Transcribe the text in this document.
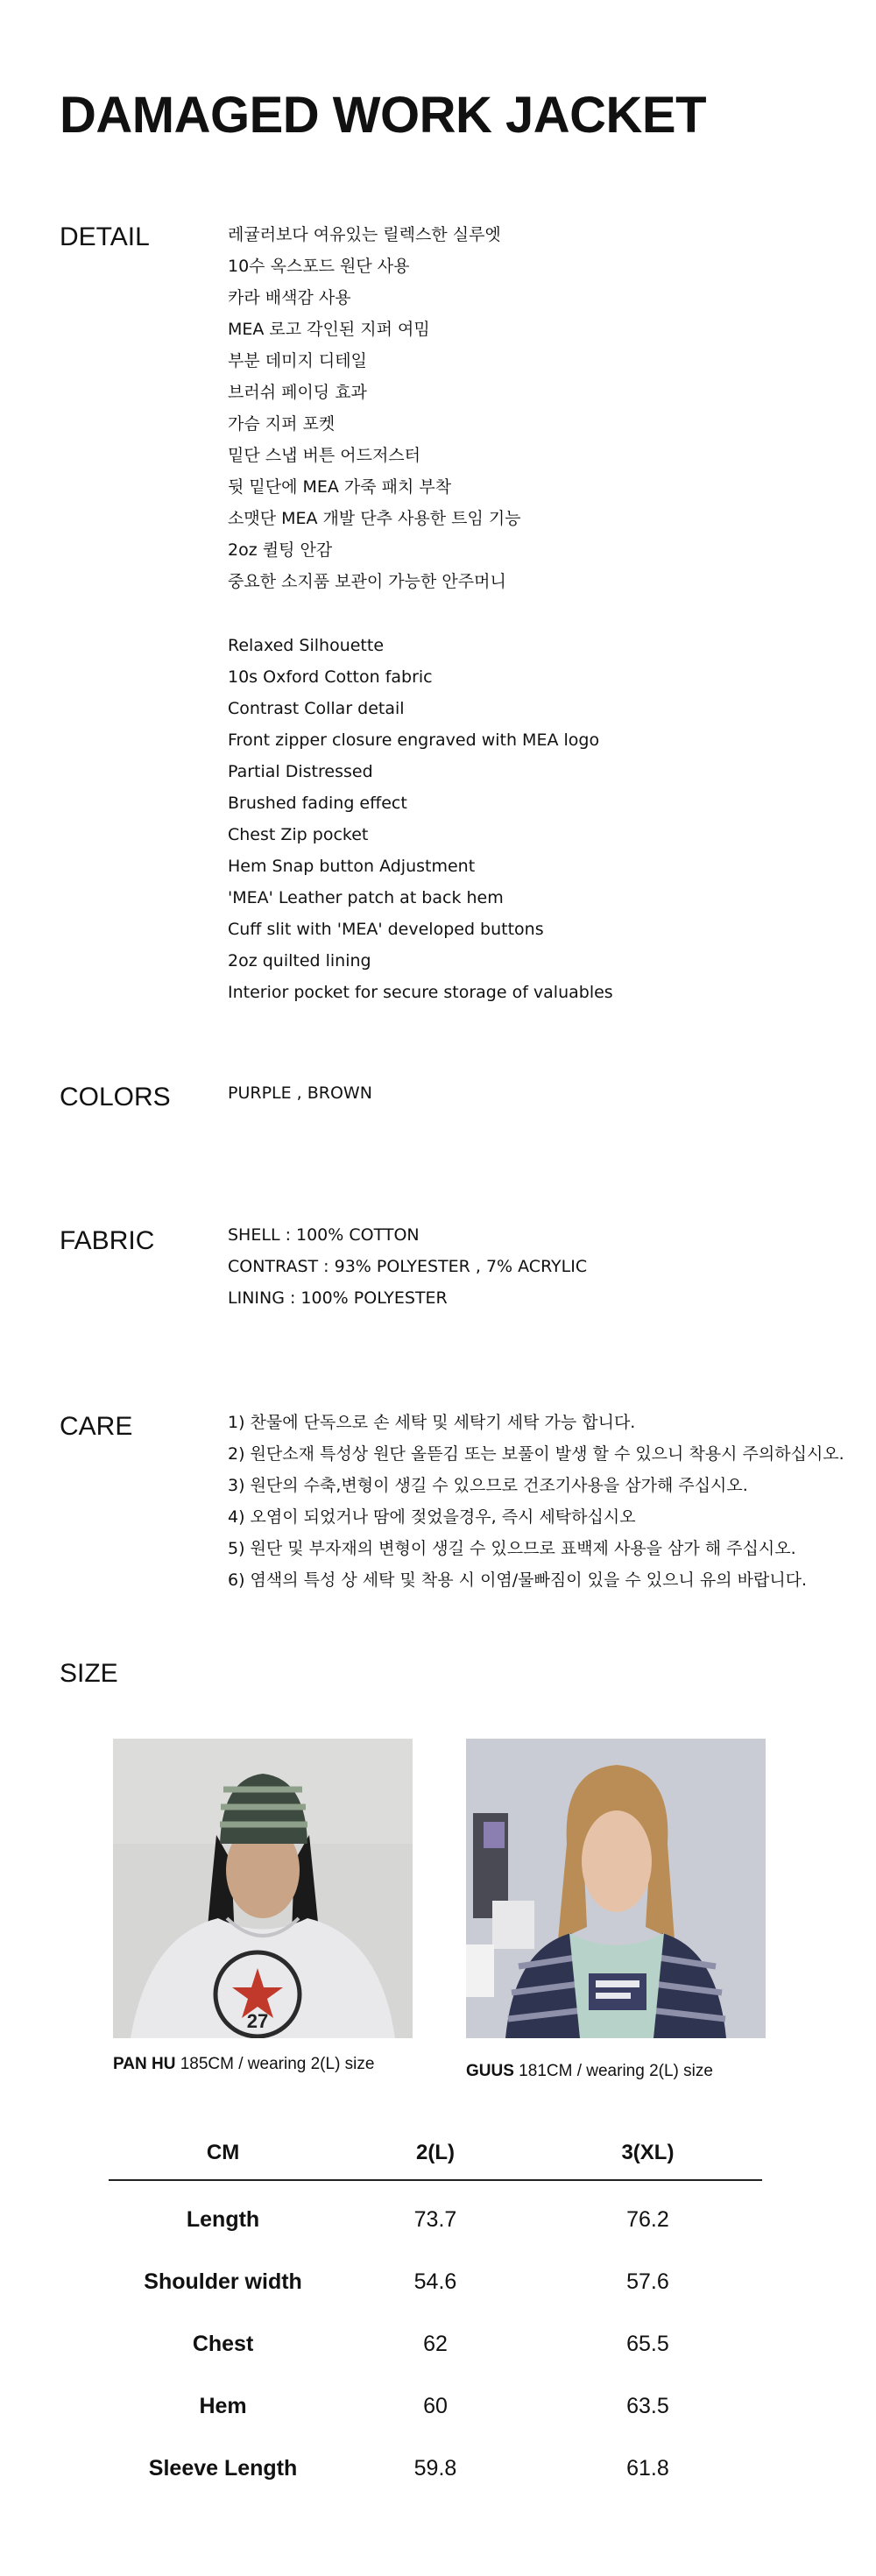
DAMAGED WORK JACKET
DETAIL	레귤러보다 여유있는 릴렉스한 실루엣
10수 옥스포드 원단 사용
카라 배색감 사용
MEA 로고 각인된 지퍼 여밈
부분 데미지 디테일
브러쉬 페이딩 효과
가슴 지퍼 포켓
밑단 스냅 버튼 어드저스터
뒷 밑단에 MEA 가죽 패치 부착
소맷단 MEA 개발 단추 사용한 트임 기능
2oz 퀼팅 안감
중요한 소지품 보관이 가능한 안주머니
Relaxed Silhouette
10s Oxford Cotton fabric
Contrast Collar detail
Front zipper closure engraved with MEA logo
Partial Distressed
Brushed fading effect
Chest Zip pocket
Hem Snap button Adjustment
'MEA' Leather patch at back hem
Cuff slit with 'MEA' developed buttons
2oz quilted lining
Interior pocket for secure storage of valuables
COLORS	PURPLE , BROWN
FABRIC	SHELL : 100% COTTON
CONTRAST : 93% POLYESTER , 7% ACRYLIC
LINING : 100% POLYESTER
CARE	1) 찬물에 단독으로 손 세탁 및 세탁기 세탁 가능 합니다.
2) 원단소재 특성상 원단 올뜯김 또는 보풀이 발생 할 수 있으니 착용시 주의하십시오.
3) 원단의 수축,변형이 생길 수 있으므로 건조기사용을 삼가해 주십시오.
4) 오염이 되었거나 땀에 젖었을경우, 즉시 세탁하십시오
5) 원단 및 부자재의 변형이 생길 수 있으므로 표백제 사용을 삼가 해 주십시오.
6) 염색의 특성 상 세탁 및 착용 시 이염/물빠짐이 있을 수 있으니 유의 바랍니다.
SIZE
27
PAN HU 185CM / wearing 2(L) size	GUUS 181CM / wearing 2(L) size
CM	2(L)	3(XL)
Length	73.7	76.2
Shoulder width	54.6	57.6
Chest	62	65.5
Hem	60	63.5
Sleeve Length	59.8	61.8
